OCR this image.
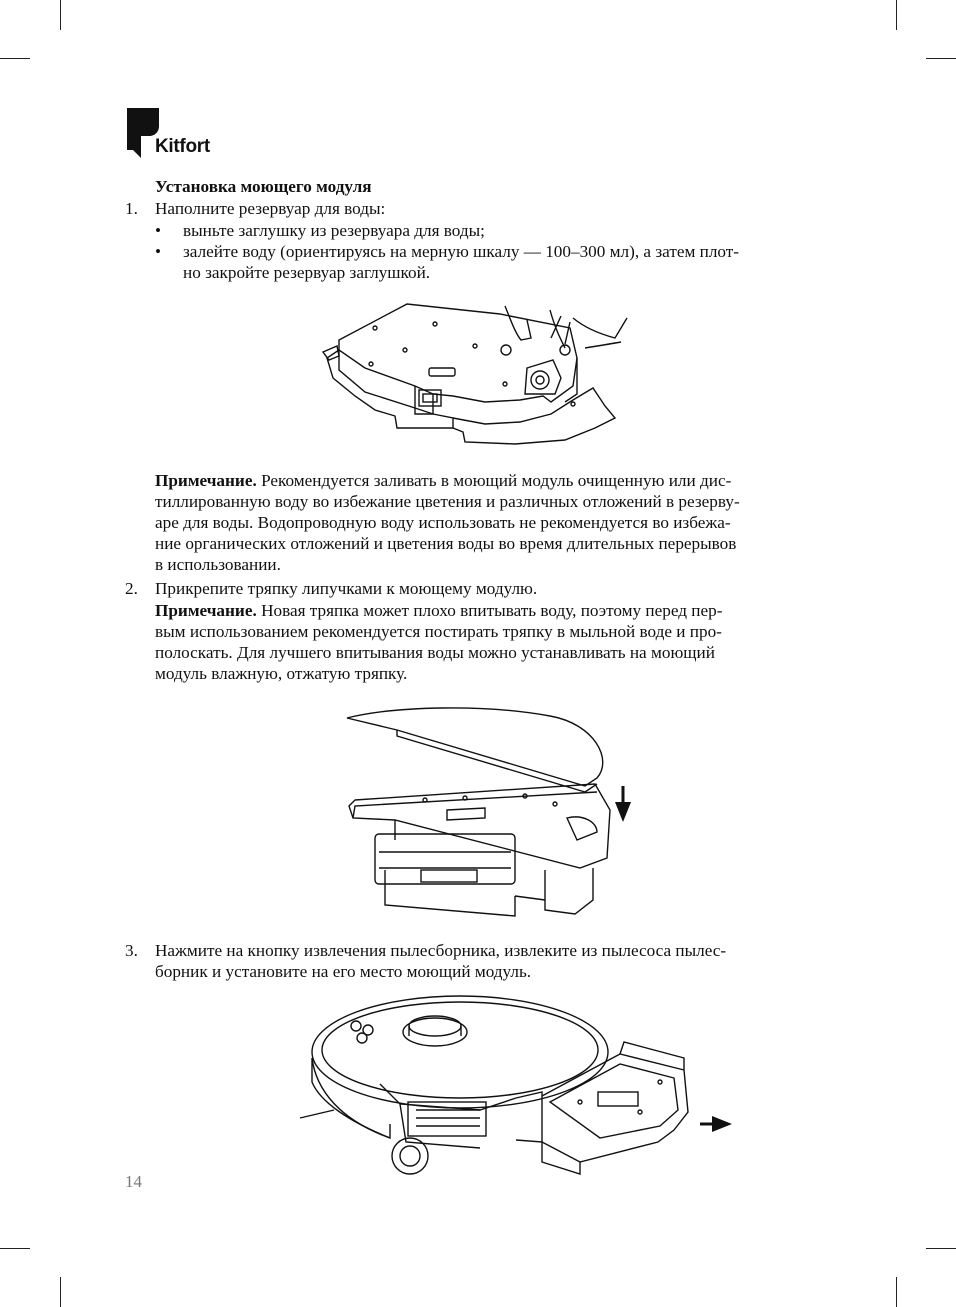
Kitfort
Установка моющего модуля
1. Наполните резервуар для воды:
• выньте заглушку из резервуара для воды;
• залейте воду (ориентируясь на мерную шкалу — 100–300 мл), а затем плот-
но закройте резервуар заглушкой.
Примечание. Рекомендуется заливать в моющий модуль очищенную или дис-
тиллированную воду во избежание цветения и различных отложений в резерву-
аре для воды. Водопроводную воду использовать не рекомендуется во избежа-
ние органических отложений и цветения воды во время длительных перерывов
в использовании.
2. Прикрепите тряпку липучками к моющему модулю.
Примечание. Новая тряпка может плохо впитывать воду, поэтому перед пер-
вым использованием рекомендуется постирать тряпку в мыльной воде и про-
полоскать. Для лучшего впитывания воды можно устанавливать на моющий
модуль влажную, отжатую тряпку.
3. Нажмите на кнопку извлечения пылесборника, извлеките из пылесоса пылес-
борник и установите на его место моющий модуль.
14
